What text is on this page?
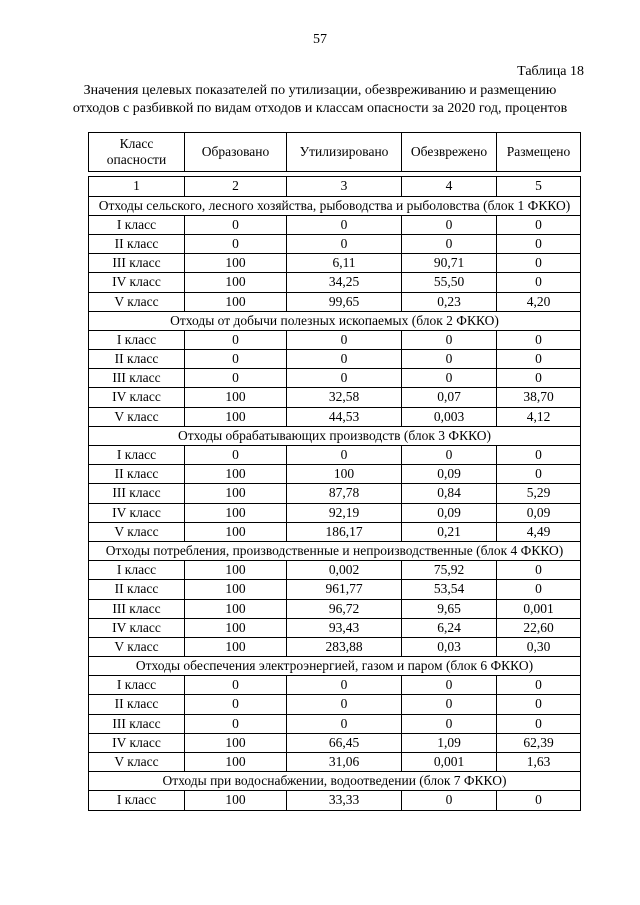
57
Таблица 18
Значения целевых показателей по утилизации, обезвреживанию и размещению отходов с разбивкой по видам отходов и классам опасности за 2020 год, процентов
Класс опасности	Образовано	Утилизировано	Обезврежено	Размещено
1	2	3	4	5
Отходы сельского, лесного хозяйства, рыбоводства и рыболовства (блок 1 ФККО)				
I класс	0	0	0	0
II класс	0	0	0	0
III класс	100	6,11	90,71	0
IV класс	100	34,25	55,50	0
V класс	100	99,65	0,23	4,20
Отходы от добычи полезных ископаемых (блок 2 ФККО)				
I класс	0	0	0	0
II класс	0	0	0	0
III класс	0	0	0	0
IV класс	100	32,58	0,07	38,70
V класс	100	44,53	0,003	4,12
Отходы обрабатывающих производств (блок 3 ФККО)				
I класс	0	0	0	0
II класс	100	100	0,09	0
III класс	100	87,78	0,84	5,29
IV класс	100	92,19	0,09	0,09
V класс	100	186,17	0,21	4,49
Отходы потребления, производственные и непроизводственные (блок 4 ФККО)				
I класс	100	0,002	75,92	0
II класс	100	961,77	53,54	0
III класс	100	96,72	9,65	0,001
IV класс	100	93,43	6,24	22,60
V класс	100	283,88	0,03	0,30
Отходы обеспечения электроэнергией, газом и паром (блок 6 ФККО)				
I класс	0	0	0	0
II класс	0	0	0	0
III класс	0	0	0	0
IV класс	100	66,45	1,09	62,39
V класс	100	31,06	0,001	1,63
Отходы при водоснабжении, водоотведении (блок 7 ФККО)				
I класс	100	33,33	0	0
